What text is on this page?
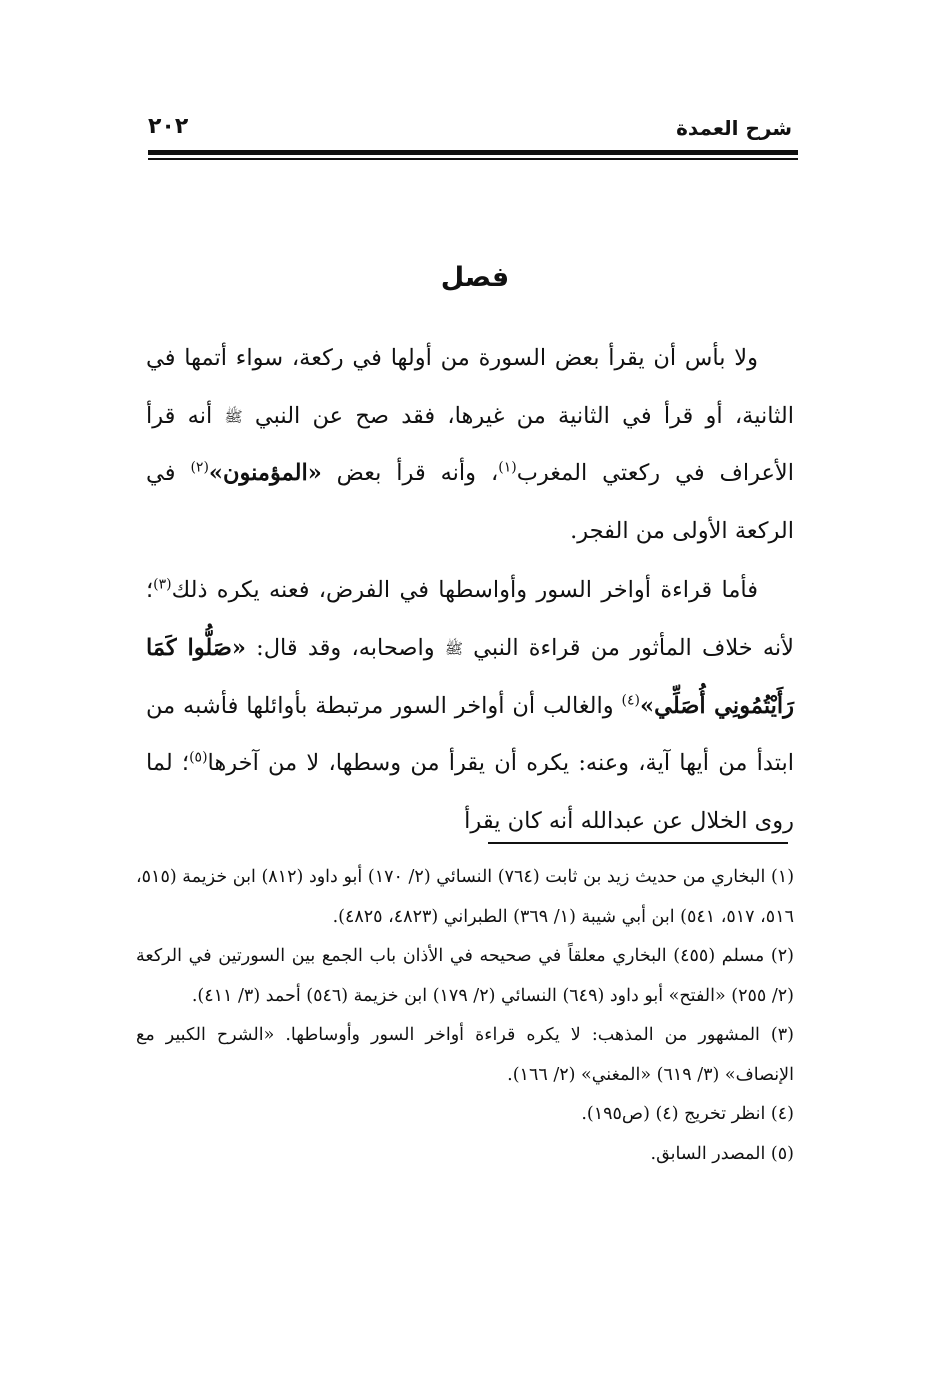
شرح العمدة
٢٠٢
فصل

ولا بأس أن يقرأ بعض السورة من أولها في ركعة، سواء أتمها في الثانية، أو قرأ في الثانية من غيرها، فقد صح عن النبي ﷺ أنه قرأ الأعراف في ركعتي المغرب$^{(١)}$، وأنه قرأ بعض «المؤمنون»$^{(٢)}$ في الركعة الأولى من الفجر.

فأما قراءة أواخر السور وأواسطها في الفرض، فعنه يكره ذلك$^{(٣)}$؛ لأنه خلاف المأثور من قراءة النبي ﷺ واصحابه، وقد قال: «صَلُّوا كَمَا رَأَيْتُمُونِي أُصَلِّي»$^{(٤)}$ والغالب أن أواخر السور مرتبطة بأوائلها فأشبه من ابتدأ من أيها آية، وعنه: يكره أن يقرأ من وسطها، لا من آخرها$^{(٥)}$؛ لما روى الخلال عن عبدالله أنه كان يقرأ

(١) البخاري من حديث زيد بن ثابت (٧٦٤) النسائي (٢/ ١٧٠) أبو داود (٨١٢) ابن خزيمة (٥١٥، ٥١٦، ٥١٧، ٥٤١) ابن أبي شيبة (١/ ٣٦٩) الطبراني (٤٨٢٣، ٤٨٢٥).

(٢) مسلم (٤٥٥) البخاري معلقاً في صحيحه في الأذان باب الجمع بين السورتين في الركعة (٢/ ٢٥٥) «الفتح» أبو داود (٦٤٩) النسائي (٢/ ١٧٩) ابن خزيمة (٥٤٦) أحمد (٣/ ٤١١).

(٣) المشهور من المذهب: لا يكره قراءة أواخر السور وأوساطها. «الشرح الكبير مع الإنصاف» (٣/ ٦١٩) «المغني» (٢/ ١٦٦).

(٤) انظر تخريج (٤) (ص١٩٥).

(٥) المصدر السابق.
